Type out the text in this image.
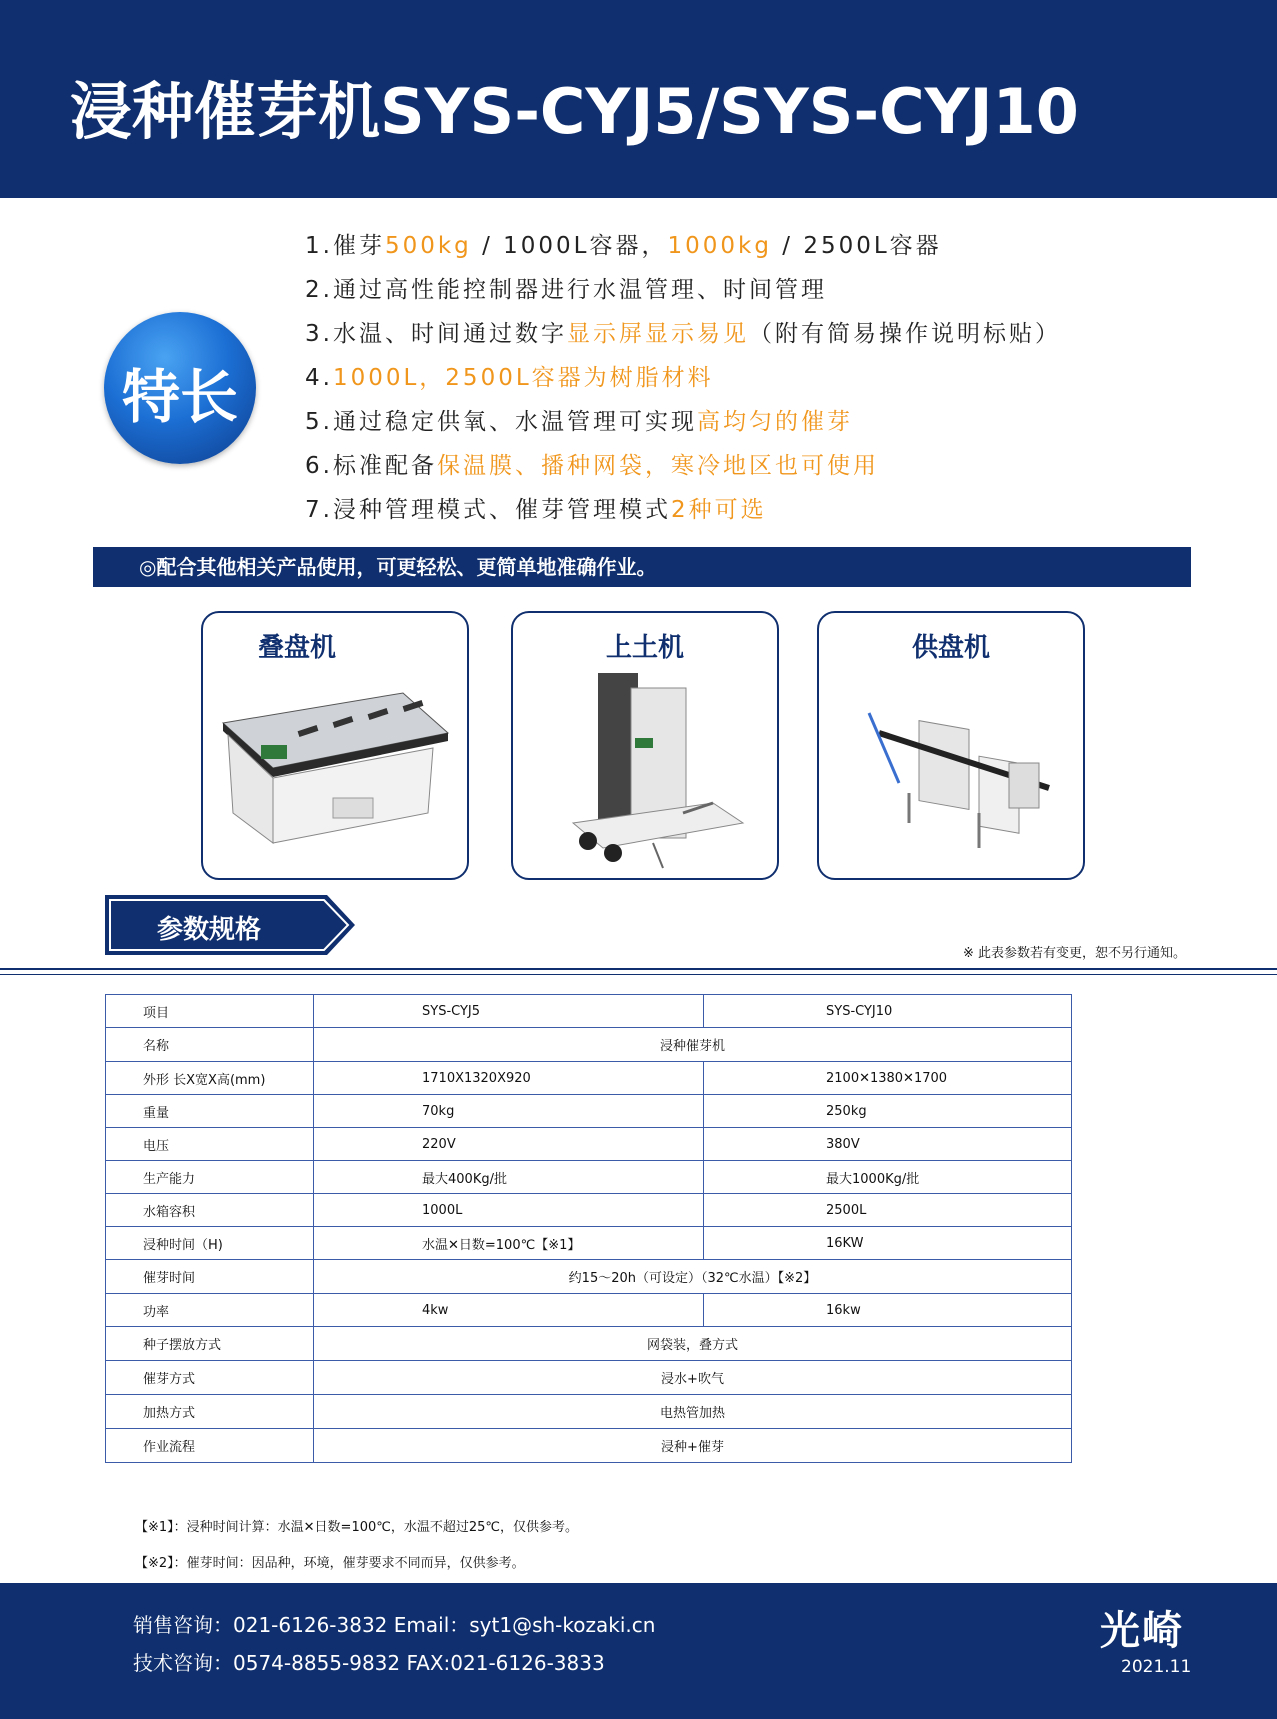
浸种催芽机SYS-CYJ5/SYS-CYJ10
特长
1.催芽500kg / 1000L容器，1000kg / 2500L容器
2.通过高性能控制器进行水温管理、时间管理
3.水温、时间通过数字显示屏显示易见（附有简易操作说明标贴）
4.1000L，2500L容器为树脂材料
5.通过稳定供氧、水温管理可实现高均匀的催芽
6.标准配备保温膜、播种网袋，寒冷地区也可使用
7.浸种管理模式、催芽管理模式2种可选
◎配合其他相关产品使用，可更轻松、更简单地准确作业。
叠盘机	上土机	供盘机
参数规格
※ 此表参数若有变更，恕不另行通知。
项目	SYS-CYJ5	SYS-CYJ10
名称	浸种催芽机	
外形 长X宽X高(mm)	1710X1320X920	2100✕1380✕1700
重量	70kg	250kg
电压	220V	380V
生产能力	最大400Kg/批	最大1000Kg/批
水箱容积	1000L	2500L
浸种时间（H)	水温✕日数=100℃【※1】	16KW
催芽时间	约15～20h（可设定）（32℃水温）【※2】	
功率	4kw	16kw
种子摆放方式	网袋装，叠方式	
催芽方式	浸水+吹气	
加热方式	电热管加热	
作业流程	浸种+催芽	
【※1】：浸种时间计算：水温✕日数=100℃，水温不超过25℃，仅供参考。
【※2】：催芽时间：因品种，环境，催芽要求不同而异，仅供参考。
销售咨询：021-6126-3832 Email：syt1@sh-kozaki.cn
技术咨询：0574-8855-9832 FAX:021-6126-3833
光崎
2021.11
